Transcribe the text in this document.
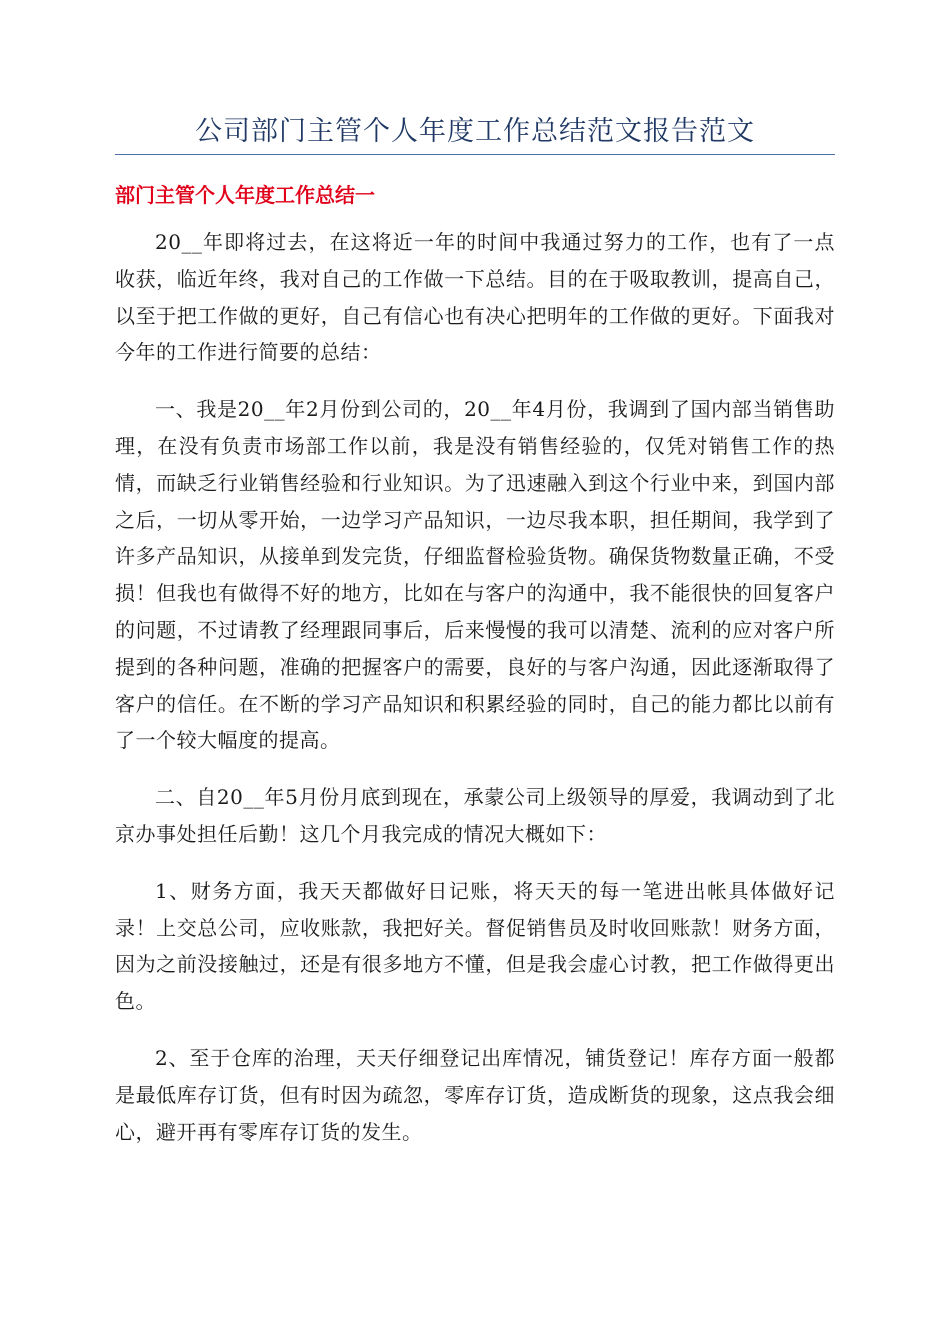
公司部门主管个人年度工作总结范文报告范文
部门主管个人年度工作总结一

20__年即将过去，在这将近一年的时间中我通过努力的工作，也有了一点收获，临近年终，我对自己的工作做一下总结。目的在于吸取教训，提高自己，以至于把工作做的更好，自己有信心也有决心把明年的工作做的更好。下面我对今年的工作进行简要的总结：

一、我是20__年2月份到公司的，20__年4月份，我调到了国内部当销售助理，在没有负责市场部工作以前，我是没有销售经验的，仅凭对销售工作的热情，而缺乏行业销售经验和行业知识。为了迅速融入到这个行业中来，到国内部之后，一切从零开始，一边学习产品知识，一边尽我本职，担任期间，我学到了许多产品知识，从接单到发完货，仔细监督检验货物。确保货物数量正确，不受损！但我也有做得不好的地方，比如在与客户的沟通中，我不能很快的回复客户的问题，不过请教了经理跟同事后，后来慢慢的我可以清楚、流利的应对客户所提到的各种问题，准确的把握客户的需要，良好的与客户沟通，因此逐渐取得了客户的信任。在不断的学习产品知识和积累经验的同时，自己的能力都比以前有了一个较大幅度的提高。

二、自20__年5月份月底到现在，承蒙公司上级领导的厚爱，我调动到了北京办事处担任后勤！这几个月我完成的情况大概如下：

1、财务方面，我天天都做好日记账，将天天的每一笔进出帐具体做好记录！上交总公司，应收账款，我把好关。督促销售员及时收回账款！财务方面，因为之前没接触过，还是有很多地方不懂，但是我会虚心讨教，把工作做得更出色。

2、至于仓库的治理，天天仔细登记出库情况，铺货登记！库存方面一般都是最低库存订货，但有时因为疏忽，零库存订货，造成断货的现象，这点我会细心，避开再有零库存订货的发生。
